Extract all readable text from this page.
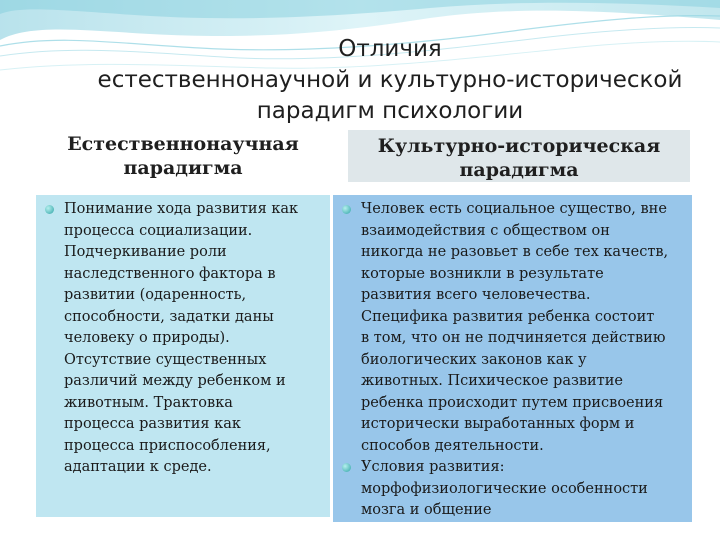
Отличия
естественнонаучной и культурно-исторической
парадигм психологии
Естественнонаучная
парадигма
Культурно-историческая
парадигма
Понимание хода развития как
процесса социализации.
Подчеркивание роли
наследственного фактора в
развитии (одаренность,
способности, задатки даны
человеку о природы).
Отсутствие существенных
различий между ребенком и
животным. Трактовка
процесса развития как
процесса приспособления,
адаптации к среде.
Человек есть социальное существо, вне
взаимодействия с обществом он
никогда не разовьет в себе тех качеств,
которые возникли в результате
развития всего человечества.
Специфика развития ребенка состоит
в том, что он не подчиняется действию
биологических законов как у
животных. Психическое развитие
ребенка происходит путем присвоения
исторически выработанных форм и
способов деятельности.
Условия развития:
морфофизиологические особенности
мозга и общение
